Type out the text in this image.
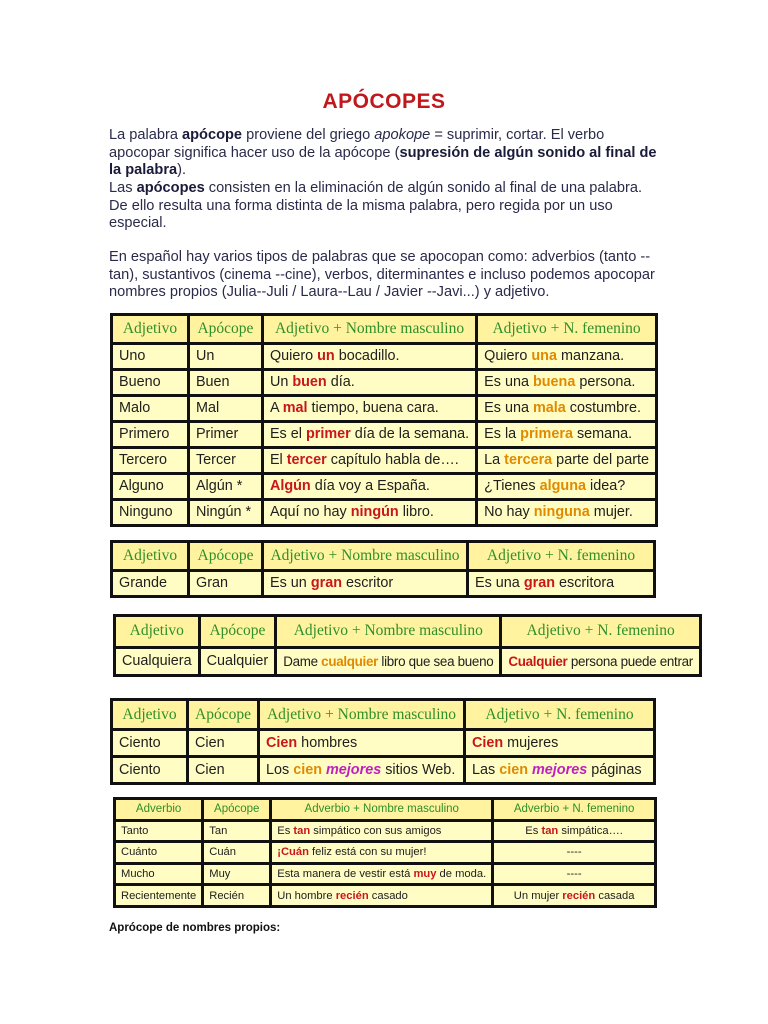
APÓCOPES
La palabra apócope proviene del griego apokope = suprimir, cortar. El verbo apocopar significa hacer uso de la apócope (supresión de algún sonido al final de la palabra).
Las apócopes consisten en la eliminación de algún sonido al final de una palabra. De ello resulta una forma distinta de la misma palabra, pero regida por un uso especial.
En español hay varios tipos de palabras que se apocopan como: adverbios (tanto -- tan), sustantivos (cinema --cine), verbos, diterminantes e incluso podemos apocopar nombres propios (Julia--Juli / Laura--Lau / Javier --Javi...) y adjetivo.
Adjetivo	Apócope	Adjetivo + Nombre masculino	Adjetivo + N. femenino
Uno	Un	Quiero un bocadillo.	Quiero una manzana.
Bueno	Buen	Un buen día.	Es una buena persona.
Malo	Mal	A mal tiempo, buena cara.	Es una mala costumbre.
Primero	Primer	Es el primer día de la semana.	Es la primera semana.
Tercero	Tercer	El tercer capítulo habla de….	La tercera parte del parte
Alguno	Algún *	Algún día voy a España.	¿Tienes alguna idea?
Ninguno	Ningún *	Aquí no hay ningún libro.	No hay ninguna mujer.
Adjetivo	Apócope	Adjetivo + Nombre masculino	Adjetivo + N. femenino
Grande	Gran	Es un gran escritor	Es una gran escritora
Adjetivo	Apócope	Adjetivo + Nombre masculino	Adjetivo + N. femenino
Cualquiera	Cualquier	Dame cualquier libro que sea bueno	Cualquier persona puede entrar
Adjetivo	Apócope	Adjetivo + Nombre masculino	Adjetivo + N. femenino
Ciento	Cien	Cien hombres	Cien mujeres
Ciento	Cien	Los cien mejores sitios Web.	Las cien mejores páginas
Adverbio	Apócope	Adverbio + Nombre masculino	Adverbio + N. femenino
Tanto	Tan	Es tan simpático con sus amigos	Es tan simpática….
Cuánto	Cuán	¡Cuán feliz está con su mujer!	----
Mucho	Muy	Esta manera de vestir está muy de moda.	----
Recientemente	Recién	Un hombre recién casado	Un mujer recién casada
Aprócope de nombres propios:
